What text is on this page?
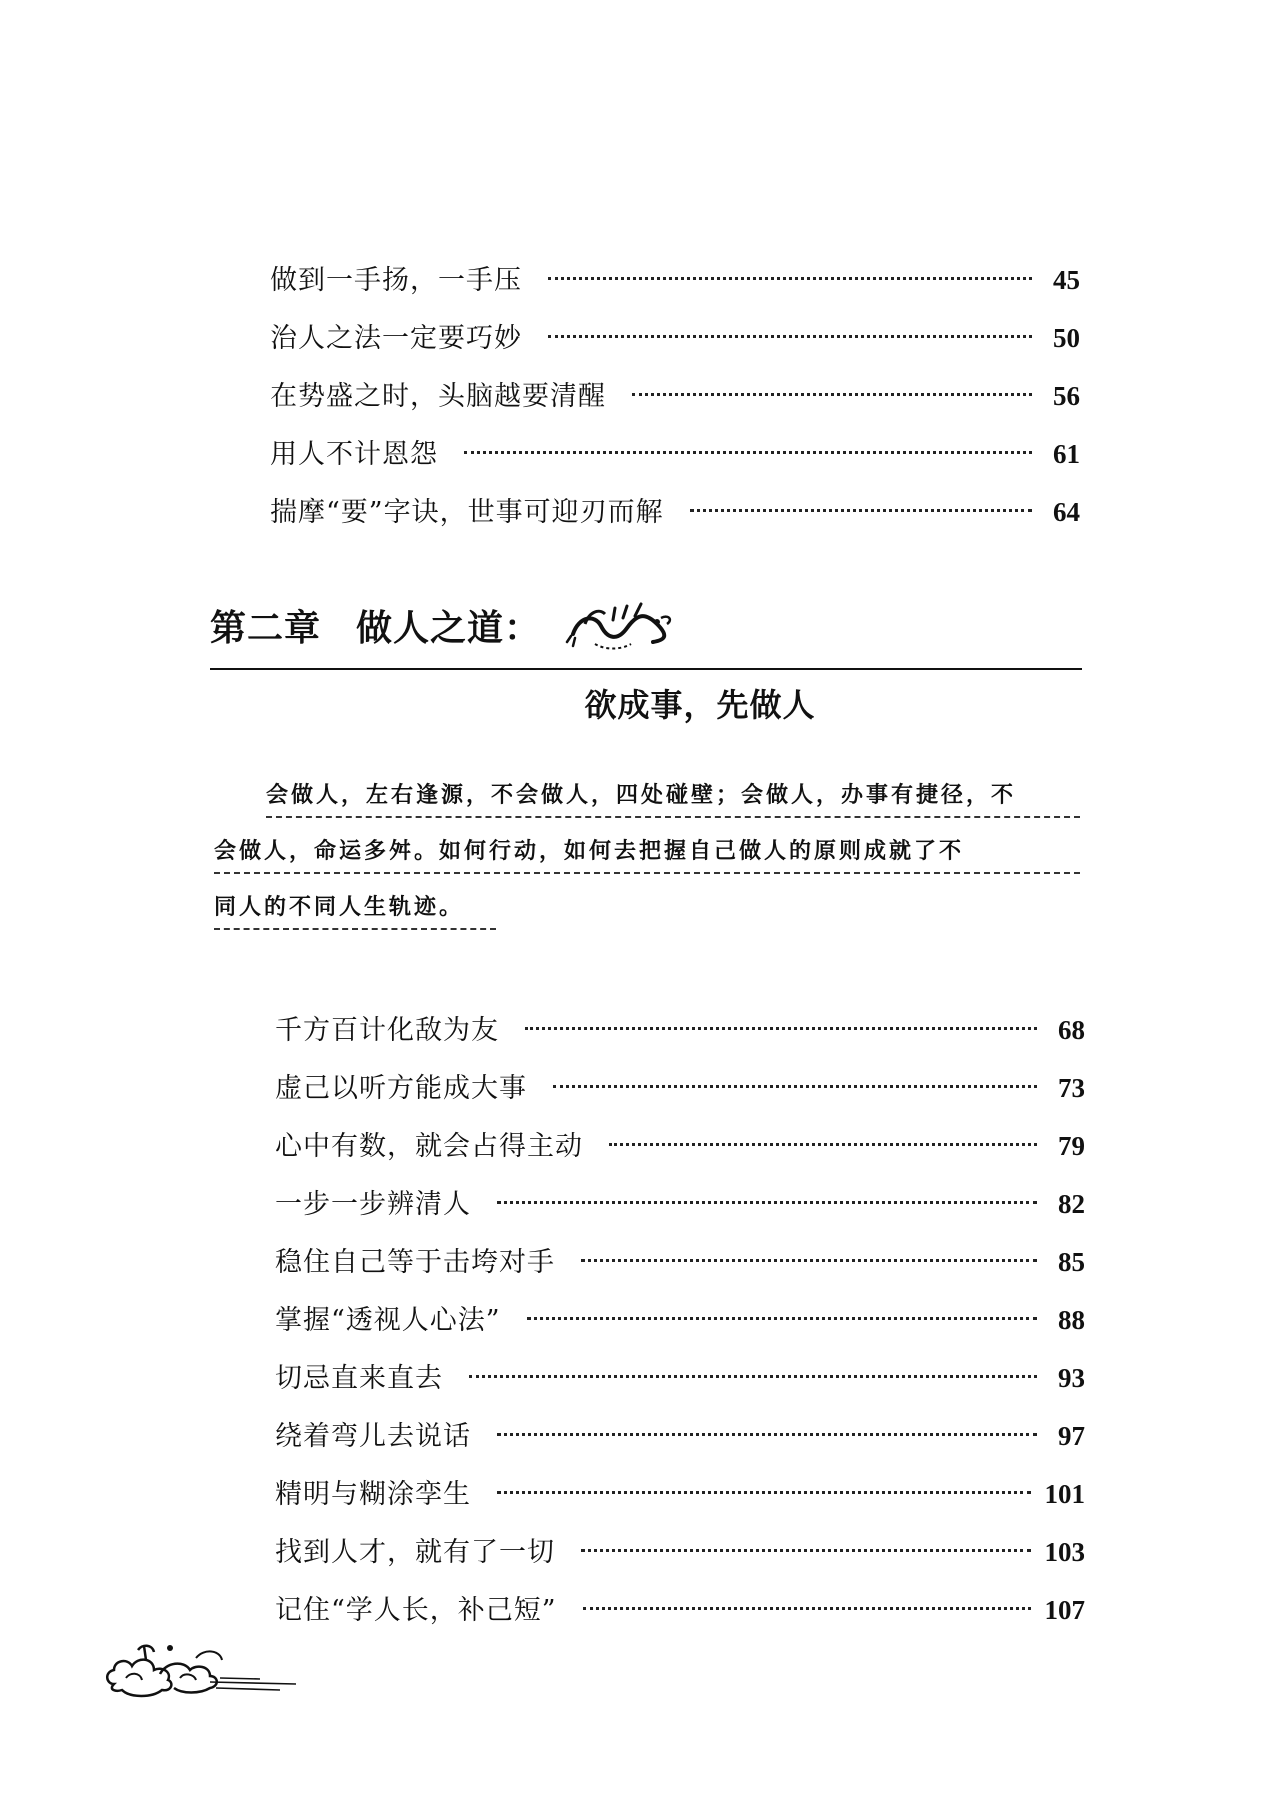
做到一手扬，一手压	45
治人之法一定要巧妙	50
在势盛之时，头脑越要清醒	56
用人不计恩怨	61
揣摩“要”字诀，世事可迎刃而解	64
第二章 做人之道：
欲成事，先做人
会做人，左右逢源，不会做人，四处碰壁；会做人，办事有捷径，不
会做人，命运多舛。如何行动，如何去把握自己做人的原则成就了不
同人的不同人生轨迹。
千方百计化敌为友	68
虚己以听方能成大事	73
心中有数，就会占得主动	79
一步一步辨清人	82
稳住自己等于击垮对手	85
掌握“透视人心法”	88
切忌直来直去	93
绕着弯儿去说话	97
精明与糊涂孪生	101
找到人才，就有了一切	103
记住“学人长，补己短”	107
